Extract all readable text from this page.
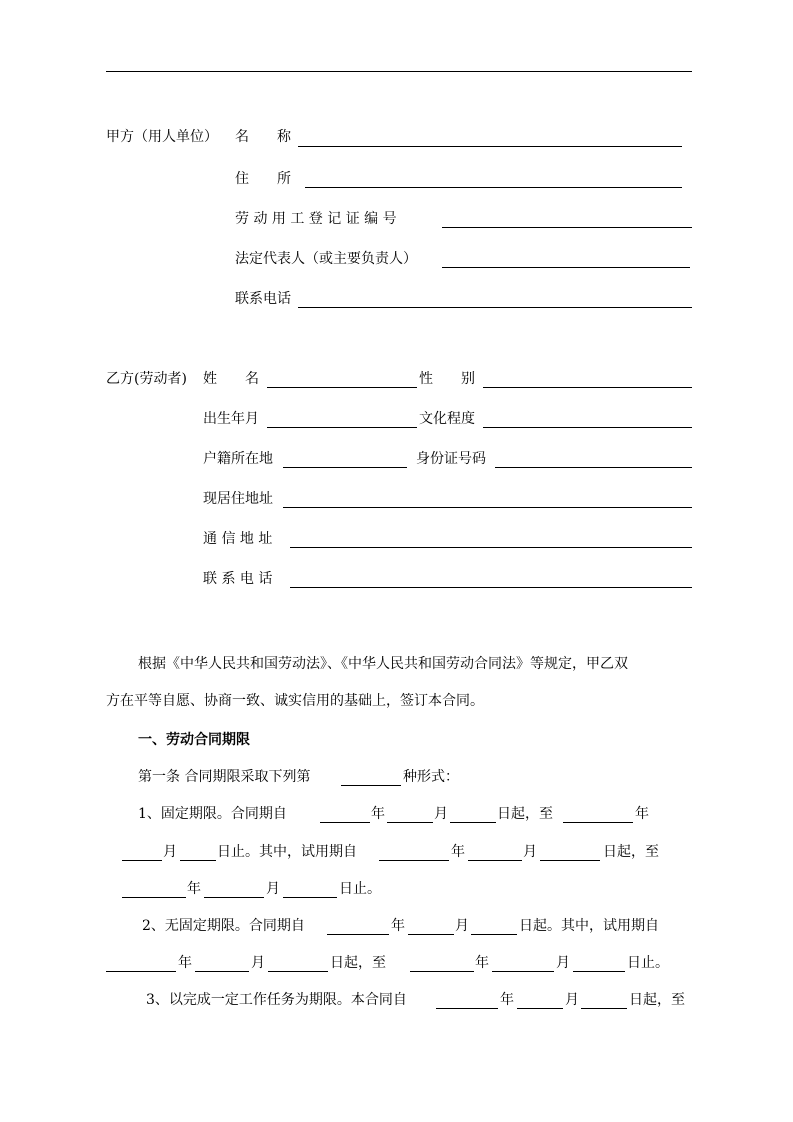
甲方（用人单位） 名　　称
住　　所
劳 动 用 工 登 记 证 编 号
法定代表人（或主要负责人）
联系电话
乙方(劳动者) 姓　　名	性　　别
出生年月	文化程度
户籍所在地	身份证号码
现居住地址
通 信 地 址
联 系 电 话
根据《中华人民共和国劳动法》、《中华人民共和国劳动合同法》等规定，甲乙双
方在平等自愿、协商一致、诚实信用的基础上，签订本合同。
一、劳动合同期限
第一条 合同期限采取下列第	种形式：
1、固定期限。合同期自	年	月	日起，至	年
月	日止。其中，试用期自	年	月	日起，至
年	月	日止。
2、无固定期限。合同期自	年	月	日起。其中，试用期自
年	月	日起，至	年	月	日止。
3、以完成一定工作任务为期限。本合同自	年	月	日起，至
